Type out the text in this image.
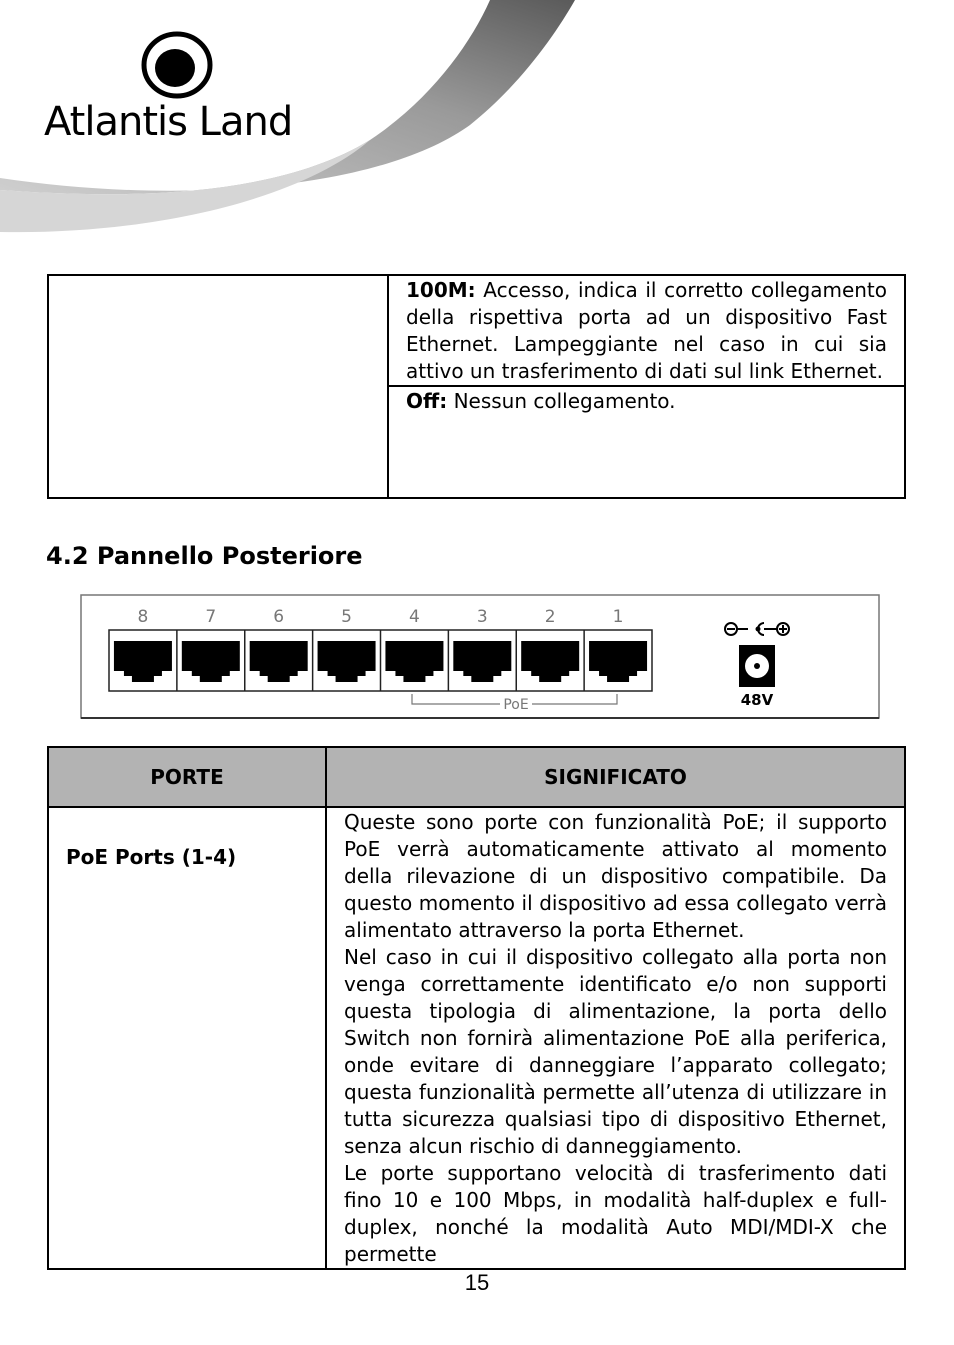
Atlantis Land
	100M: Accesso, indica il corretto collegamento della rispettiva porta ad un dispositivo Fast Ethernet. Lampeggiante nel caso in cui sia attivo un trasferimento di dati sul link Ethernet.
Off: Nessun collegamento.
4.2 Pannello Posteriore
8	7	6	5	4	3	2	1
PoE	48V
PORTE	SIGNIFICATO
PoE Ports (1-4)	Queste sono porte con funzionalità PoE; il supporto PoE verrà automaticamente attivato al momento della rilevazione di un dispositivo compatibile. Da questo momento il dispositivo ad essa collegato verrà alimentato attraverso la porta Ethernet.

Nel caso in cui il dispositivo collegato alla porta non venga correttamente identificato e/o non supporti questa tipologia di alimentazione, la porta dello Switch non fornirà alimentazione PoE alla periferica, onde evitare di danneggiare l’apparato collegato; questa funzionalità permette all’utenza di utilizzare in tutta sicurezza qualsiasi tipo di dispositivo Ethernet, senza alcun rischio di danneggiamento.

Le porte supportano velocità di trasferimento dati fino 10 e 100 Mbps, in modalità half-duplex e full-duplex, nonché la modalità Auto MDI/MDI-X che permette

15
